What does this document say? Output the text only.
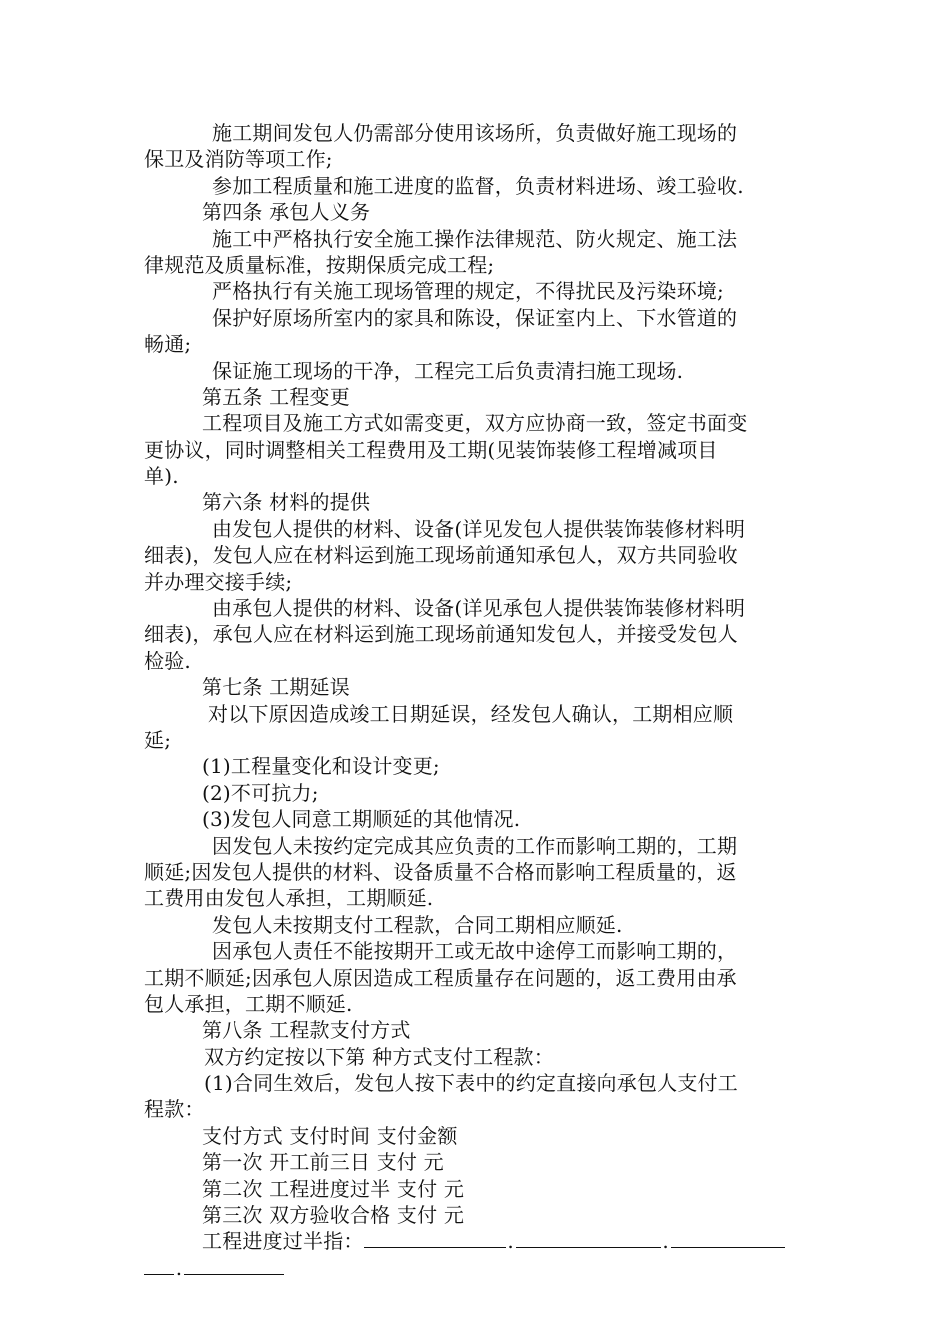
施工期间发包人仍需部分使用该场所，负责做好施工现场的
保卫及消防等项工作;
参加工程质量和施工进度的监督，负责材料进场、竣工验收.
第四条 承包人义务
施工中严格执行安全施工操作法律规范、防火规定、施工法
律规范及质量标准，按期保质完成工程;
严格执行有关施工现场管理的规定，不得扰民及污染环境;
保护好原场所室内的家具和陈设，保证室内上、下水管道的
畅通;
保证施工现场的干净，工程完工后负责清扫施工现场.
第五条 工程变更
工程项目及施工方式如需变更，双方应协商一致，签定书面变
更协议，同时调整相关工程费用及工期(见装饰装修工程增减项目
单).
第六条 材料的提供
由发包人提供的材料、设备(详见发包人提供装饰装修材料明
细表)，发包人应在材料运到施工现场前通知承包人，双方共同验收
并办理交接手续;
由承包人提供的材料、设备(详见承包人提供装饰装修材料明
细表)，承包人应在材料运到施工现场前通知发包人，并接受发包人
检验.
第七条 工期延误
对以下原因造成竣工日期延误，经发包人确认，工期相应顺
延;
(1)工程量变化和设计变更;
(2)不可抗力;
(3)发包人同意工期顺延的其他情况.
因发包人未按约定完成其应负责的工作而影响工期的，工期
顺延;因发包人提供的材料、设备质量不合格而影响工程质量的，返
工费用由发包人承担，工期顺延.
发包人未按期支付工程款，合同工期相应顺延.
因承包人责任不能按期开工或无故中途停工而影响工期的，
工期不顺延;因承包人原因造成工程质量存在问题的，返工费用由承
包人承担，工期不顺延.
第八条 工程款支付方式
双方约定按以下第 种方式支付工程款：
(1)合同生效后，发包人按下表中的约定直接向承包人支付工
程款：
支付方式 支付时间 支付金额
第一次 开工前三日 支付 元
第二次 工程进度过半 支付 元
第三次 双方验收合格 支付 元
工程进度过半指：	.	.
.
